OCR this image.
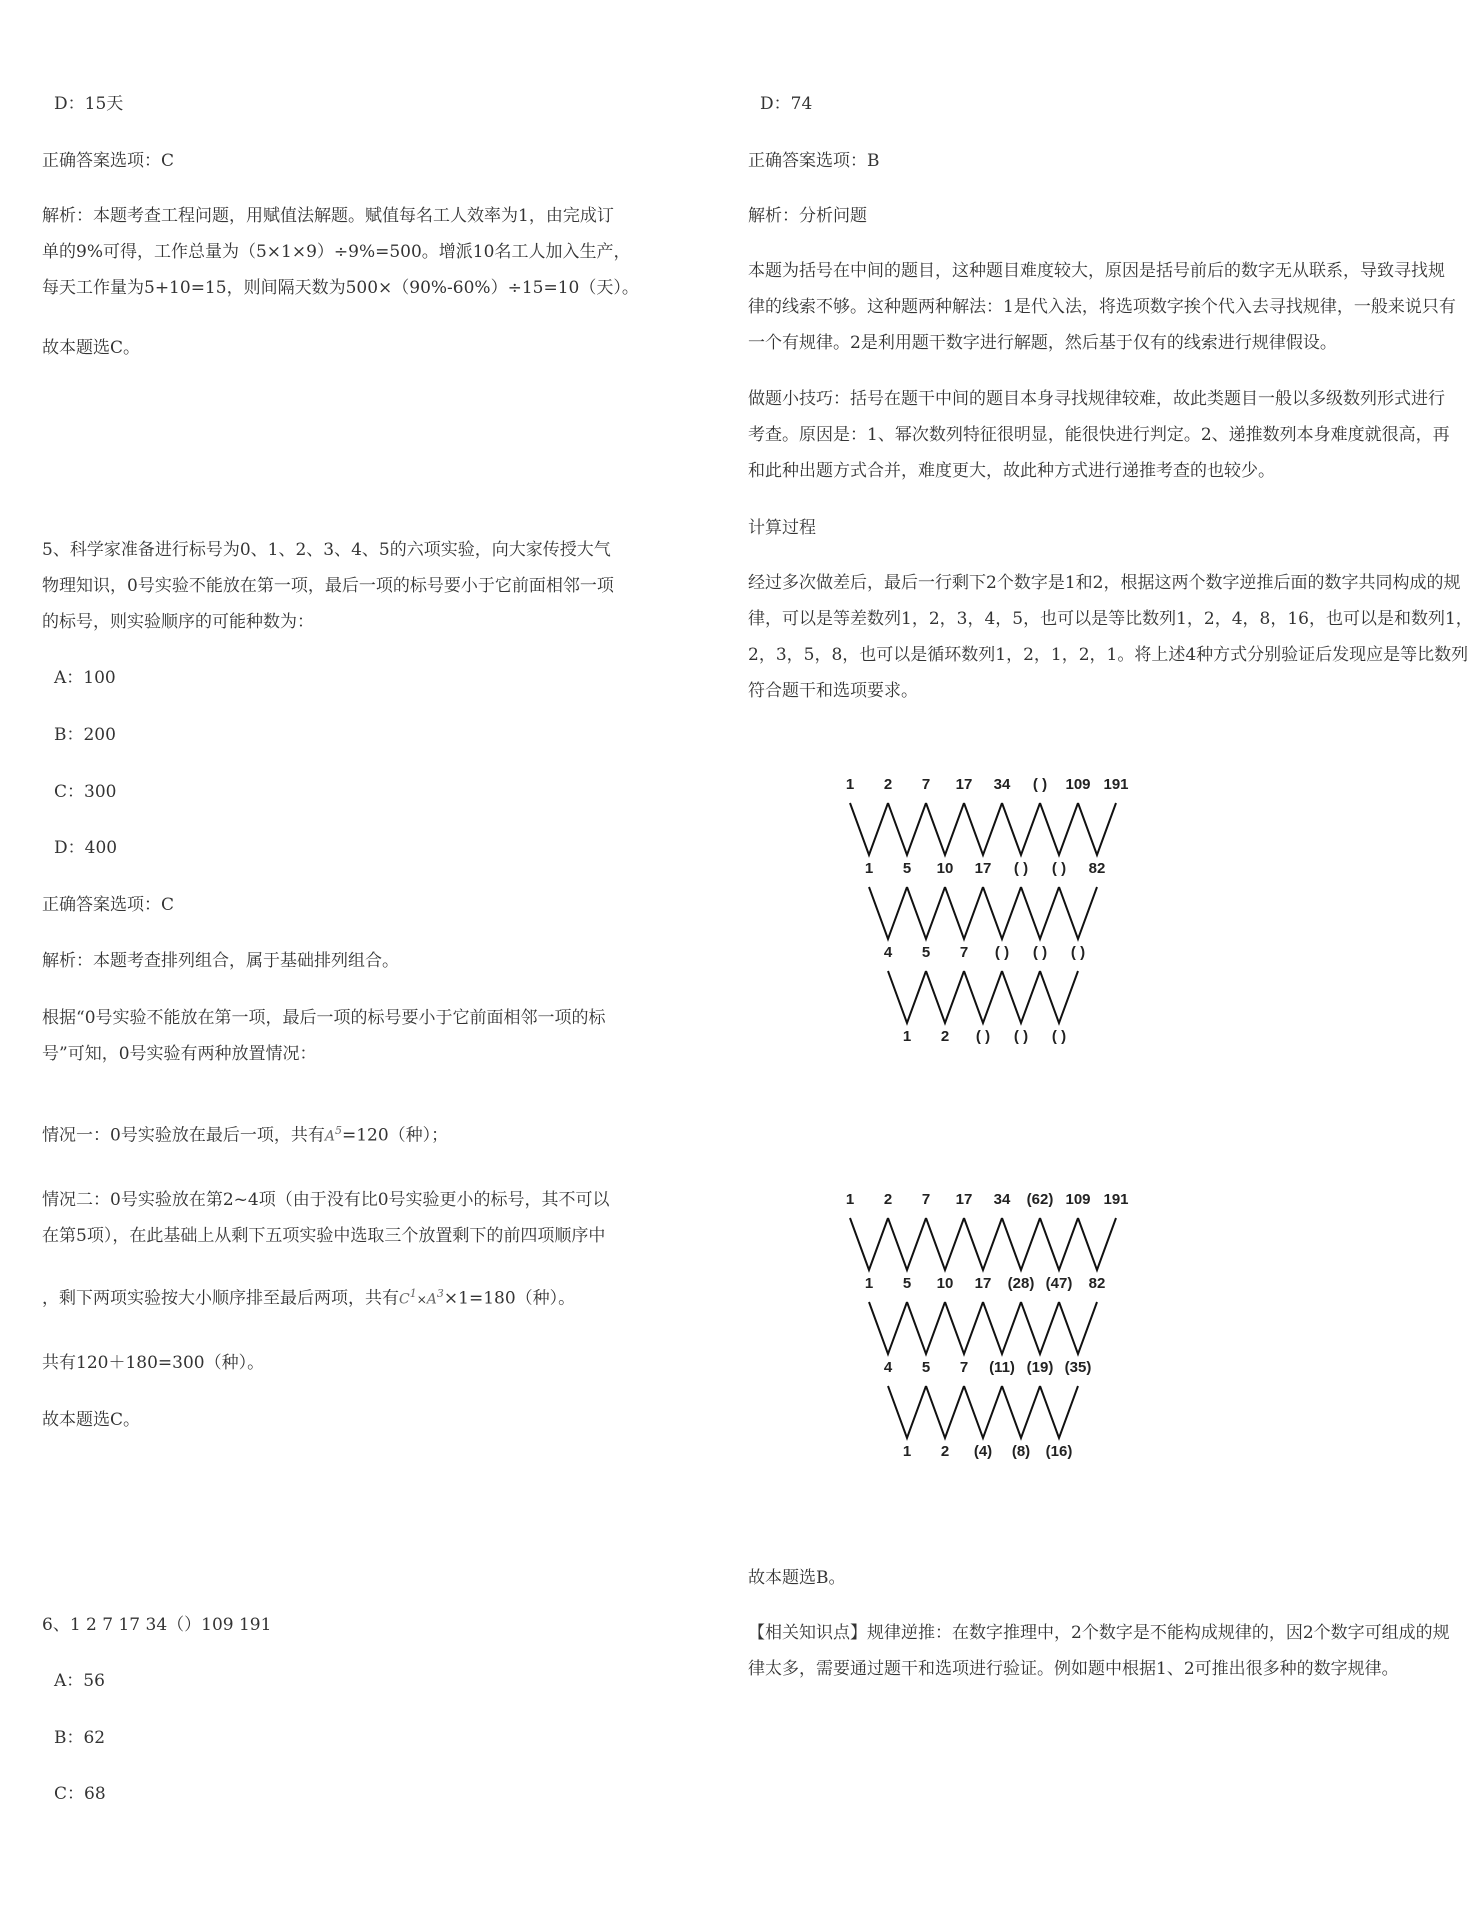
D：15天
正确答案选项：C
解析：本题考查工程问题，用赋值法解题。赋值每名工人效率为1，由完成订
单的9%可得，工作总量为（5×1×9）÷9%=500。增派10名工人加入生产，
每天工作量为5+10=15，则间隔天数为500×（90%-60%）÷15=10（天）。
故本题选C。
5、科学家准备进行标号为0、1、2、3、4、5的六项实验，向大家传授大气
物理知识，0号实验不能放在第一项，最后一项的标号要小于它前面相邻一项
的标号，则实验顺序的可能种数为：
A：100
B：200
C：300
D：400
正确答案选项：C
解析：本题考查排列组合，属于基础排列组合。
根据“0号实验不能放在第一项，最后一项的标号要小于它前面相邻一项的标
号”可知，0号实验有两种放置情况：
情况一：0号实验放在最后一项，共有$A^5=120$（种）；
情况二：0号实验放在第2~4项（由于没有比0号实验更小的标号，其不可以
在第5项），在此基础上从剩下五项实验中选取三个放置剩下的前四项顺序中
，剩下两项实验按大小顺序排至最后两项，共有$C^1\times A^3\times 1=180$（种）。
共有120＋180=300（种）。
故本题选C。
6、1 2 7 17 34（）109 191
A：56
B：62
C：68
D：74
正确答案选项：B
解析：分析问题
本题为括号在中间的题目，这种题目难度较大，原因是括号前后的数字无从联系，导致寻找规
律的线索不够。这种题两种解法：1是代入法，将选项数字挨个代入去寻找规律，一般来说只有
一个有规律。2是利用题干数字进行解题，然后基于仅有的线索进行规律假设。
做题小技巧：括号在题干中间的题目本身寻找规律较难，故此类题目一般以多级数列形式进行
考查。原因是：1、幂次数列特征很明显，能很快进行判定。2、递推数列本身难度就很高，再
和此种出题方式合并，难度更大，故此种方式进行递推考查的也较少。
计算过程
经过多次做差后，最后一行剩下2个数字是1和2，根据这两个数字逆推后面的数字共同构成的规
律，可以是等差数列1，2，3，4，5，也可以是等比数列1，2，4，8，16，也可以是和数列1，
2，3，5，8，也可以是循环数列1，2，1，2，1。将上述4种方式分别验证后发现应是等比数列
符合题干和选项要求。
故本题选B。
【相关知识点】规律逆推：在数字推理中，2个数字是不能构成规律的，因2个数字可组成的规
律太多，需要通过题干和选项进行验证。例如题中根据1、2可推出很多种的数字规律。
1 2 7 17 34 ( ) 109 191
1 5 10 17 ( ) ( ) 82
4 5 7 ( ) ( ) ( )
1 2 ( ) ( ) ( )
1 2 7 17 34 (62) 109 191
1 5 10 17 (28) (47) 82
4 5 7 (11) (19) (35)
1 2 (4) (8) (16)
